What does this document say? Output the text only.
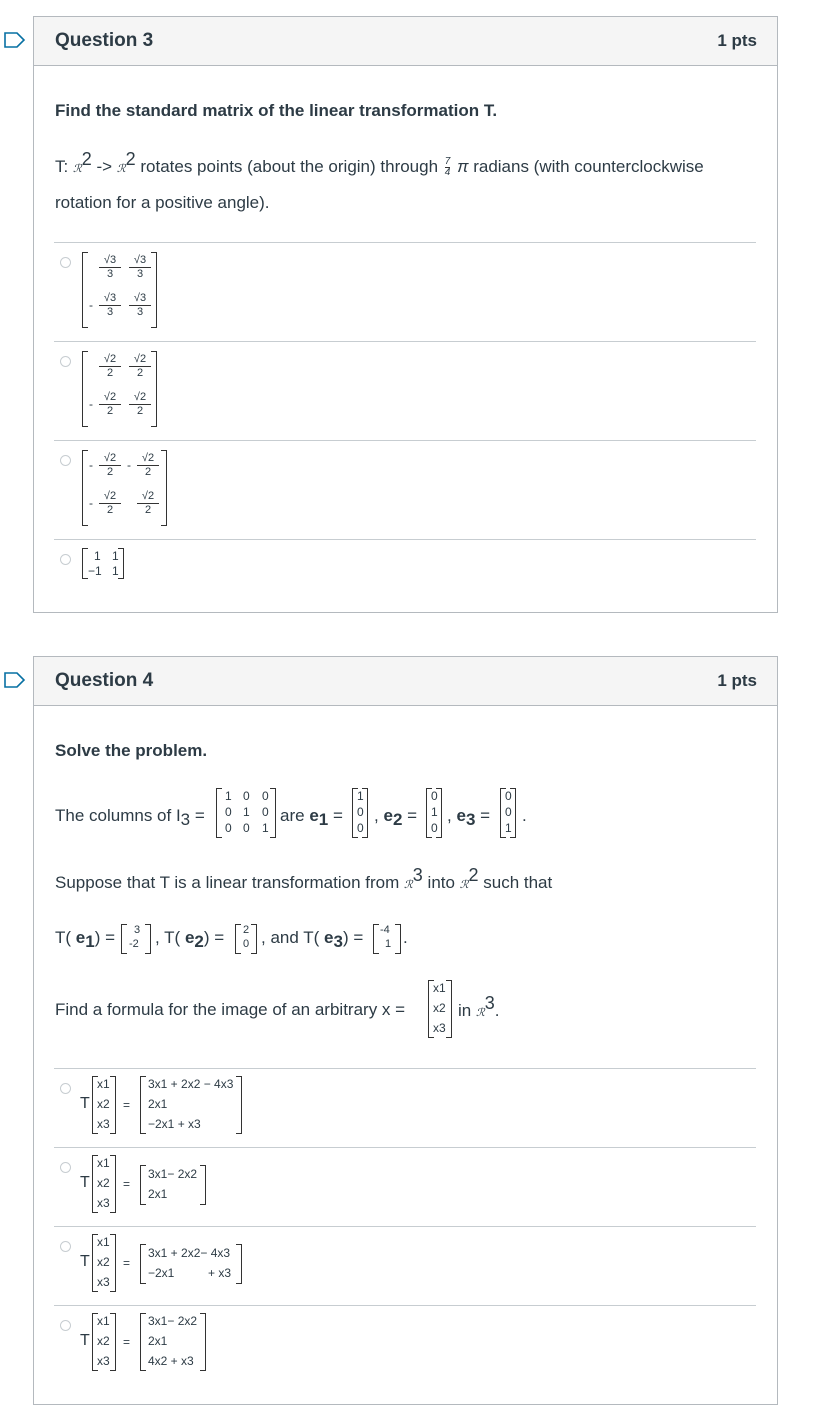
Question 3	1 pts
Find the standard matrix of the linear transformation T.
T: ℛ2 -> ℛ2 rotates points (about the origin) through $\frac{7}{4}$ π radians (with counterclockwise
rotation for a positive angle).
$\frac{√3}{3} \frac{√3}{3}$
- $\frac{√3}{3} \frac{√3}{3}$
$\frac{√2}{2} \frac{√2}{2}$
- $\frac{√2}{2} \frac{√2}{2}$
- $\frac{√2}{2} - \frac{√2}{2}$
- $\frac{√2}{2} \frac{√2}{2}$
1 1
−1 1
Question 4	1 pts
Solve the problem.
The columns of I3 =
1 0 0
0 1 0
0 0 1
are e1 =
1
0
0
, e2 =
0
1
0
, e3 =
0
0
1
.
Suppose that T is a linear transformation from ℛ3 into ℛ2 such that
T( e1) = 3
-2 , T( e2) = 2
0 , and T( e3) = -4
1 .
Find a formula for the image of an arbitrary x =
x1
x2
x3
in ℛ3.
T
x1
x2
x3
=
3x1 + 2x2 − 4x3
2x1
−2x1 + x3
T
x1
x2
x3
=
3x1− 2x2
2x1
T
x1
x2
x3
=
3x1 + 2x2− 4x3
−2x1	+ x3
T
x1
x2
x3
=
3x1− 2x2
2x1
4x2 + x3
